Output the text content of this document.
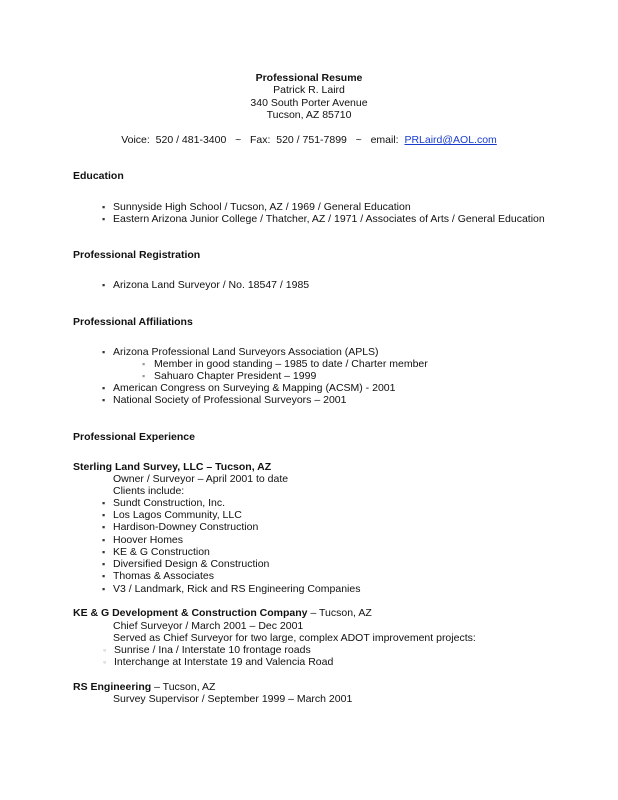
Professional Resume
Patrick R. Laird
340 South Porter Avenue
Tucson, AZ 85710
Voice: 520 / 481-3400 ~ Fax: 520 / 751-7899 ~ email: PRLaird@AOL.com
Education
▪ Sunnyside High School / Tucson, AZ / 1969 / General Education
▪ Eastern Arizona Junior College / Thatcher, AZ / 1971 / Associates of Arts / General Education
Professional Registration
▪ Arizona Land Surveyor / No. 18547 / 1985
Professional Affiliations
▪ Arizona Professional Land Surveyors Association (APLS)
▪ Member in good standing – 1985 to date / Charter member
▪ Sahuaro Chapter President – 1999
▪ American Congress on Surveying & Mapping (ACSM) - 2001
▪ National Society of Professional Surveyors – 2001
Professional Experience
Sterling Land Survey, LLC – Tucson, AZ
Owner / Surveyor – April 2001 to date
Clients include:
▪ Sundt Construction, Inc.
▪ Los Lagos Community, LLC
▪ Hardison-Downey Construction
▪ Hoover Homes
▪ KE & G Construction
▪ Diversified Design & Construction
▪ Thomas & Associates
▪ V3 / Landmark, Rick and RS Engineering Companies
KE & G Development & Construction Company – Tucson, AZ
Chief Surveyor / March 2001 – Dec 2001
Served as Chief Surveyor for two large, complex ADOT improvement projects:
◦ Sunrise / Ina / Interstate 10 frontage roads
◦ Interchange at Interstate 19 and Valencia Road
RS Engineering – Tucson, AZ
Survey Supervisor / September 1999 – March 2001
